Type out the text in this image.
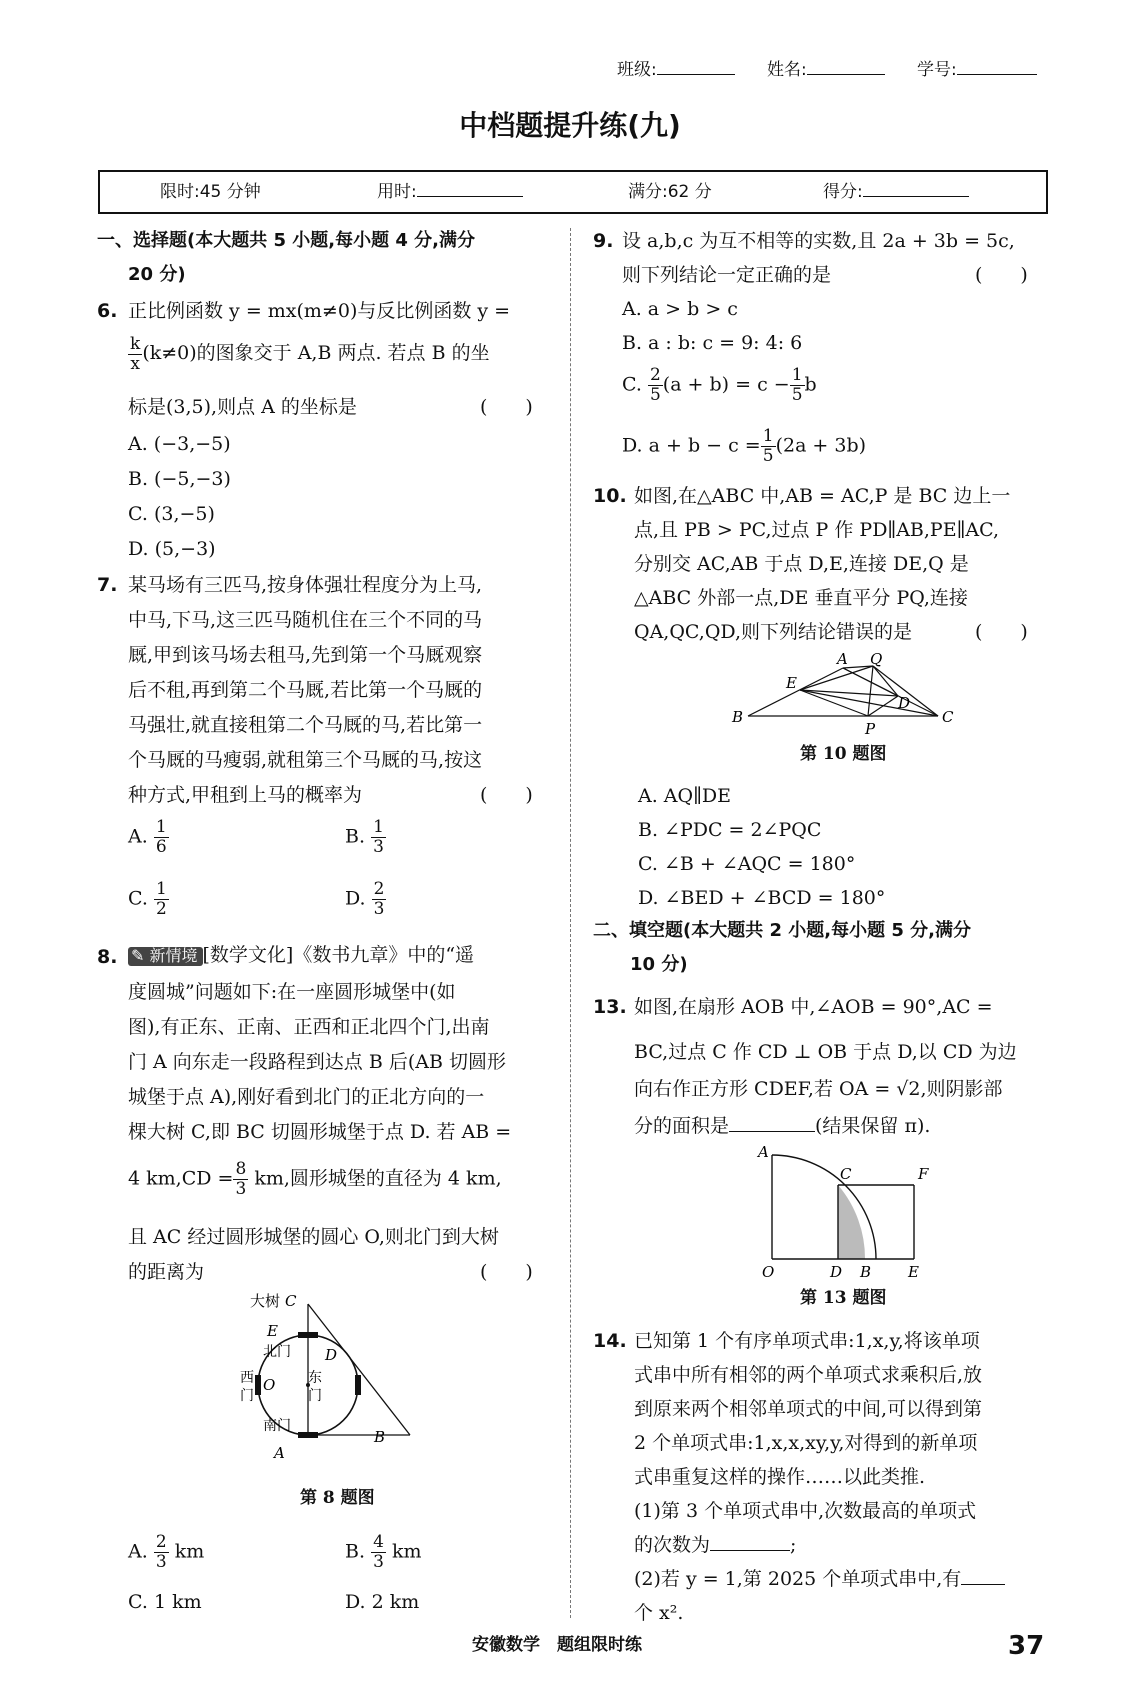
班级:	姓名:	学号:
中档题提升练(九)
限时:45 分钟	用时:	满分:62 分	得分:
一、选择题(本大题共 5 小题,每小题 4 分,满分
20 分)
6. 正比例函数 y = mx(m≠0)与反比例函数 y =
$\frac{k}{x} (k\ne 0)$的图象交于 A,B 两点. 若点 B 的坐
标是(3,5),则点 A 的坐标是	(　　)
A. (−3,−5)
B. (−5,−3)
C. (3,−5)
D. (5,−3)
7. 某马场有三匹马,按身体强壮程度分为上马,
中马,下马,这三匹马随机住在三个不同的马
厩,甲到该马场去租马,先到第一个马厩观察
后不租,再到第二个马厩,若比第一个马厩的
马强壮,就直接租第二个马厩的马,若比第一
个马厩的马瘦弱,就租第三个马厩的马,按这
种方式,甲租到上马的概率为	(　　)
A. $\frac{1}{6}$	B. $\frac{1}{3}$
C. $\frac{1}{2}$	D. $\frac{2}{3}$
8. ✎ 新情境 [数学文化]《数书九章》中的“遥
度圆城”问题如下:在一座圆形城堡中(如
图),有正东、正南、正西和正北四个门,出南
门 A 向东走一段路程到达点 B 后(AB 切圆形
城堡于点 A),刚好看到北门的正北方向的一
棵大树 C,即 BC 切圆形城堡于点 D. 若 AB =
4 $km,CD = \frac{8}{3}$ km,圆形城堡的直径为 4 km,
且 AC 经过圆形城堡的圆心 O,则北门到大树
的距离为	(　　)
大树 C
E
D
O
A
B
北门
南门
西
门
东
门
第 8 题图
A. $\frac{2}{3}$ km	B. $\frac{4}{3}$ km
C. 1 km	D. 2 km
9. 设 a,b,c 为互不相等的实数,且 2a + 3b = 5c,
则下列结论一定正确的是	(　　)
A. a > b > c
B. a : b: c = 9: 4: 6
C. $\frac{2}{5} (a + b) = c - \frac{1}{5}$ b
D. $a + b - c = \frac{1}{5} (2a + 3b)$
10. 如图,在△ABC 中,AB = AC,P 是 BC 边上一
点,且 PB > PC,过点 P 作 PD∥AB,PE∥AC,
分别交 AC,AB 于点 D,E,连接 DE,Q 是
△ABC 外部一点,DE 垂直平分 PQ,连接
QA,QC,QD,则下列结论错误的是	(　　)
A Q
E
D
B
P
C
第 10 题图
A. AQ∥DE
B. ∠PDC = 2∠PQC
C. ∠B + ∠AQC = 180°
D. ∠BED + ∠BCD = 180°
二、填空题(本大题共 2 小题,每小题 5 分,满分
10 分)
13. 如图,在扇形 AOB 中,∠AOB = 90°,AC =
BC,过点 C 作 CD ⊥ OB 于点 D,以 CD 为边
向右作正方形 CDEF,若 OA = √2,则阴影部
分的面积是	(结果保留 π).
A
C	F
O	D B E
第 13 题图
14. 已知第 1 个有序单项式串:1,x,y,将该单项
式串中所有相邻的两个单项式求乘积后,放
到原来两个相邻单项式的中间,可以得到第
2 个单项式串:1,x,x,xy,y,对得到的新单项
式串重复这样的操作……以此类推.
(1)第 3 个单项式串中,次数最高的单项式
的次数为	;
(2)若 y = 1,第 2025 个单项式串中,有
个 x².
安徽数学　题组限时练	37
